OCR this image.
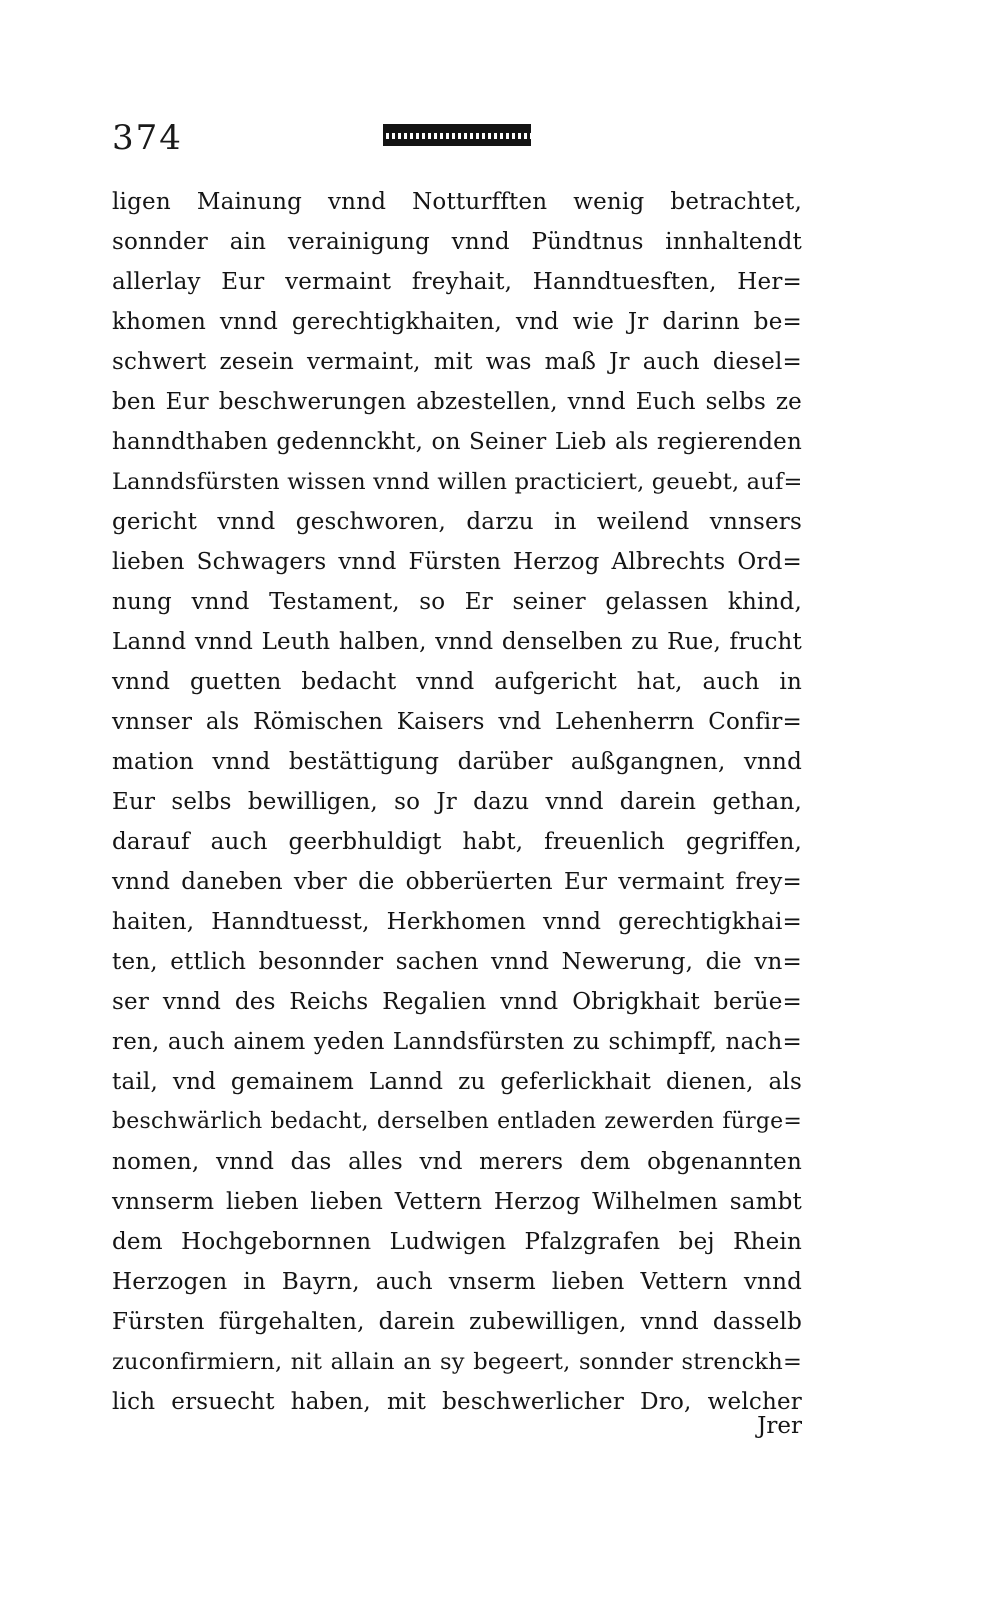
374
ligen Mainung vnnd Notturfften wenig betrachtet,
sonnder ain verainigung vnnd Pündtnus innhaltendt
allerlay Eur vermaint freyhait, Hanndtuesften, Her=
khomen vnnd gerechtigkhaiten, vnd wie Jr darinn be=
schwert zesein vermaint, mit was maß Jr auch diesel=
ben Eur beschwerungen abzestellen, vnnd Euch selbs ze
hanndthaben gedennckht, on Seiner Lieb als regierenden
Lanndsfürsten wissen vnnd willen practiciert, geuebt, auf=
gericht vnnd geschworen, darzu in weilend vnnsers
lieben Schwagers vnnd Fürsten Herzog Albrechts Ord=
nung vnnd Testament, so Er seiner gelassen khind,
Lannd vnnd Leuth halben, vnnd denselben zu Rue, frucht
vnnd guetten bedacht vnnd aufgericht hat, auch in
vnnser als Römischen Kaisers vnd Lehenherrn Confir=
mation vnnd bestättigung darüber außgangnen, vnnd
Eur selbs bewilligen, so Jr dazu vnnd darein gethan,
darauf auch geerbhuldigt habt, freuenlich gegriffen,
vnnd daneben vber die obberüerten Eur vermaint frey=
haiten, Hanndtuesst, Herkhomen vnnd gerechtigkhai=
ten, ettlich besonnder sachen vnnd Newerung, die vn=
ser vnnd des Reichs Regalien vnnd Obrigkhait berüe=
ren, auch ainem yeden Lanndsfürsten zu schimpff, nach=
tail, vnd gemainem Lannd zu geferlickhait dienen, als
beschwärlich bedacht, derselben entladen zewerden fürge=
nomen, vnnd das alles vnd merers dem obgenannten
vnnserm lieben lieben Vettern Herzog Wilhelmen sambt
dem Hochgebornnen Ludwigen Pfalzgrafen bej Rhein
Herzogen in Bayrn, auch vnserm lieben Vettern vnnd
Fürsten fürgehalten, darein zubewilligen, vnnd dasselb
zuconfirmiern, nit allain an sy begeert, sonnder strenckh=
lich ersuecht haben, mit beschwerlicher Dro, welcher
Jrer
